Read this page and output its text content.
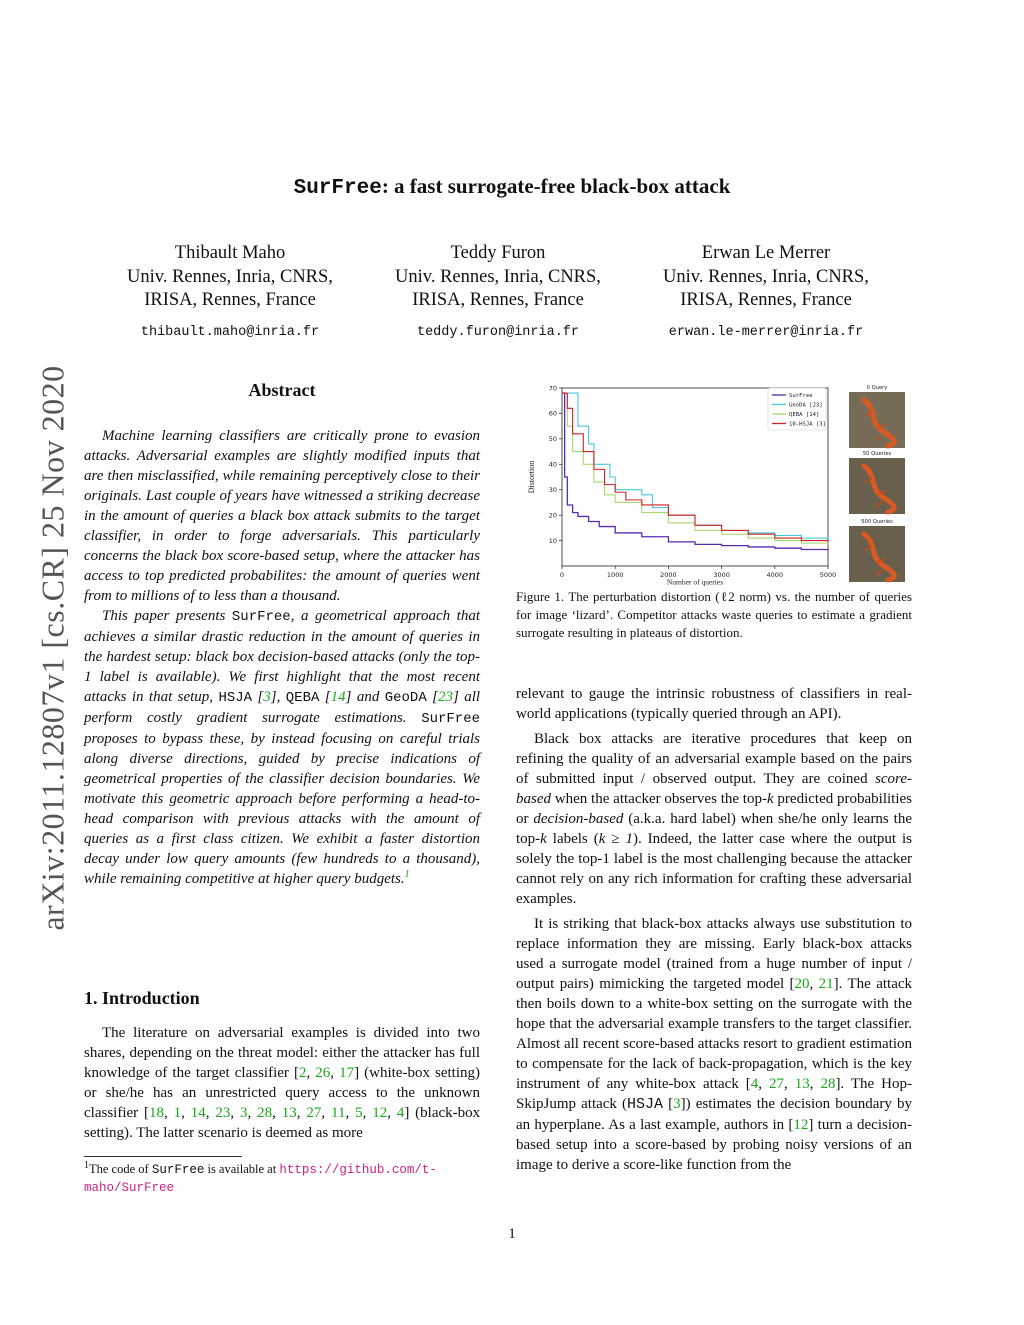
arXiv:2011.12807v1 [cs.CR] 25 Nov 2020
SurFree: a fast surrogate-free black-box attack
Thibault Maho
Univ. Rennes, Inria, CNRS,
IRISA, Rennes, France
thibault.maho@inria.fr
Teddy Furon
Univ. Rennes, Inria, CNRS,
IRISA, Rennes, France
teddy.furon@inria.fr
Erwan Le Merrer
Univ. Rennes, Inria, CNRS,
IRISA, Rennes, France
erwan.le-merrer@inria.fr
Abstract

Machine learning classifiers are critically prone to evasion attacks. Adversarial examples are slightly modified inputs that are then misclassified, while remaining perceptively close to their originals. Last couple of years have witnessed a striking decrease in the amount of queries a black box attack submits to the target classifier, in order to forge adversarials. This particularly concerns the black box score-based setup, where the attacker has access to top predicted probabilites: the amount of queries went from to millions of to less than a thousand.

This paper presents SurFree, a geometrical approach that achieves a similar drastic reduction in the amount of queries in the hardest setup: black box decision-based attacks (only the top-1 label is available). We first highlight that the most recent attacks in that setup, HSJA [3], QEBA [14] and GeoDA [23] all perform costly gradient surrogate estimations. SurFree proposes to bypass these, by instead focusing on careful trials along diverse directions, guided by precise indications of geometrical properties of the classifier decision boundaries. We motivate this geometric approach before performing a head-to-head comparison with previous attacks with the amount of queries as a first class citizen. We exhibit a faster distortion decay under low query amounts (few hundreds to a thousand), while remaining competitive at higher query budgets.$^1$

1. Introduction

The literature on adversarial examples is divided into two shares, depending on the threat model: either the attacker has full knowledge of the target classifier [2, 26, 17] (white-box setting) or she/he has an unrestricted query access to the unknown classifier [18, 1, 14, 23, 3, 28, 13, 27, 11, 5, 12, 4] (black-box setting). The latter scenario is deemed as more

$^1$The code of SurFree is available at https://github.com/t-maho/SurFree
0	1000	2000	3000	4000	5000
10
20
30
40
50
60
70
Number of queries
Distortion
SurFree
GeoDA [23]
QEBA [14]
10-HSJA [3]
0 Query
50 Queries
500 Queries
Figure 1. The perturbation distortion (ℓ2 norm) vs. the number of queries for image ‘lizard’. Competitor attacks waste queries to estimate a gradient surrogate resulting in plateaus of distortion.

relevant to gauge the intrinsic robustness of classifiers in real-world applications (typically queried through an API).

Black box attacks are iterative procedures that keep on refining the quality of an adversarial example based on the pairs of submitted input / observed output. They are coined score-based when the attacker observes the top-k predicted probabilities or decision-based (a.k.a. hard label) when she/he only learns the top-k labels (k ≥ 1). Indeed, the latter case where the output is solely the top-1 label is the most challenging because the attacker cannot rely on any rich information for crafting these adversarial examples.

It is striking that black-box attacks always use substitution to replace information they are missing. Early black-box attacks used a surrogate model (trained from a huge number of input / output pairs) mimicking the targeted model [20, 21]. The attack then boils down to a white-box setting on the surrogate with the hope that the adversarial example transfers to the target classifier. Almost all recent score-based attacks resort to gradient estimation to compensate for the lack of back-propagation, which is the key instrument of any white-box attack [4, 27, 13, 28]. The Hop-SkipJump attack (HSJA [3]) estimates the decision boundary by an hyperplane. As a last example, authors in [12] turn a decision-based setup into a score-based by probing noisy versions of an image to derive a score-like function from the

1
